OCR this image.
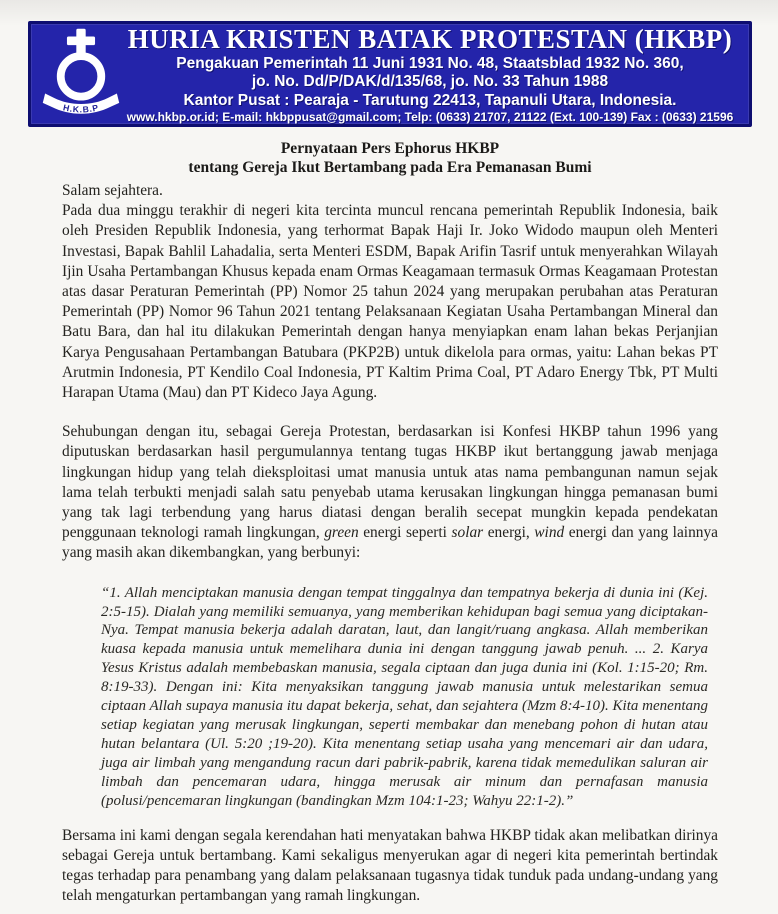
H.K.B.P
HURIA KRISTEN BATAK PROTESTAN (HKBP)
Pengakuan Pemerintah 11 Juni 1931 No. 48, Staatsblad 1932 No. 360,
jo. No. Dd/P/DAK/d/135/68, jo. No. 33 Tahun 1988
Kantor Pusat : Pearaja - Tarutung 22413, Tapanuli Utara, Indonesia.
www.hkbp.or.id; E-mail: hkbppusat@gmail.com; Telp: (0633) 21707, 21122 (Ext. 100-139) Fax : (0633) 21596
Pernyataan Pers Ephorus HKBP
tentang Gereja Ikut Bertambang pada Era Pemanasan Bumi

Salam sejahtera.

Pada dua minggu terakhir di negeri kita tercinta muncul rencana pemerintah Republik Indonesia, baik oleh Presiden Republik Indonesia, yang terhormat Bapak Haji Ir. Joko Widodo maupun oleh Menteri Investasi, Bapak Bahlil Lahadalia, serta Menteri ESDM, Bapak Arifin Tasrif untuk menyerahkan Wilayah Ijin Usaha Pertambangan Khusus kepada enam Ormas Keagamaan termasuk Ormas Keagamaan Protestan atas dasar Peraturan Pemerintah (PP) Nomor 25 tahun 2024 yang merupakan perubahan atas Peraturan Pemerintah (PP) Nomor 96 Tahun 2021 tentang Pelaksanaan Kegiatan Usaha Pertambangan Mineral dan Batu Bara, dan hal itu dilakukan Pemerintah dengan hanya menyiapkan enam lahan bekas Perjanjian Karya Pengusahaan Pertambangan Batubara (PKP2B) untuk dikelola para ormas, yaitu: Lahan bekas PT Arutmin Indonesia, PT Kendilo Coal Indonesia, PT Kaltim Prima Coal, PT Adaro Energy Tbk, PT Multi Harapan Utama (Mau) dan PT Kideco Jaya Agung.

Sehubungan dengan itu, sebagai Gereja Protestan, berdasarkan isi Konfesi HKBP tahun 1996 yang diputuskan berdasarkan hasil pergumulannya tentang tugas HKBP ikut bertanggung jawab menjaga lingkungan hidup yang telah dieksploitasi umat manusia untuk atas nama pembangunan namun sejak lama telah terbukti menjadi salah satu penyebab utama kerusakan lingkungan hingga pemanasan bumi yang tak lagi terbendung yang harus diatasi dengan beralih secepat mungkin kepada pendekatan penggunaan teknologi ramah lingkungan, green energi seperti solar energi, wind energi dan yang lainnya yang masih akan dikembangkan, yang berbunyi:

“1. Allah menciptakan manusia dengan tempat tinggalnya dan tempatnya bekerja di dunia ini (Kej. 2:5-15). Dialah yang memiliki semuanya, yang memberikan kehidupan bagi semua yang diciptakan-Nya. Tempat manusia bekerja adalah daratan, laut, dan langit/ruang angkasa. Allah memberikan kuasa kepada manusia untuk memelihara dunia ini dengan tanggung jawab penuh. ... 2. Karya Yesus Kristus adalah membebaskan manusia, segala ciptaan dan juga dunia ini (Kol. 1:15-20; Rm. 8:19-33). Dengan ini: Kita menyaksikan tanggung jawab manusia untuk melestarikan semua ciptaan Allah supaya manusia itu dapat bekerja, sehat, dan sejahtera (Mzm 8:4-10). Kita menentang setiap kegiatan yang merusak lingkungan, seperti membakar dan menebang pohon di hutan atau hutan belantara (Ul. 5:20 ;19-20). Kita menentang setiap usaha yang mencemari air dan udara, juga air limbah yang mengandung racun dari pabrik-pabrik, karena tidak memedulikan saluran air limbah dan pencemaran udara, hingga merusak air minum dan pernafasan manusia (polusi/pencemaran lingkungan (bandingkan Mzm 104:1-23; Wahyu 22:1-2).”

Bersama ini kami dengan segala kerendahan hati menyatakan bahwa HKBP tidak akan melibatkan dirinya sebagai Gereja untuk bertambang. Kami sekaligus menyerukan agar di negeri kita pemerintah bertindak tegas terhadap para penambang yang dalam pelaksanaan tugasnya tidak tunduk pada undang-undang yang telah mengaturkan pertambangan yang ramah lingkungan.
